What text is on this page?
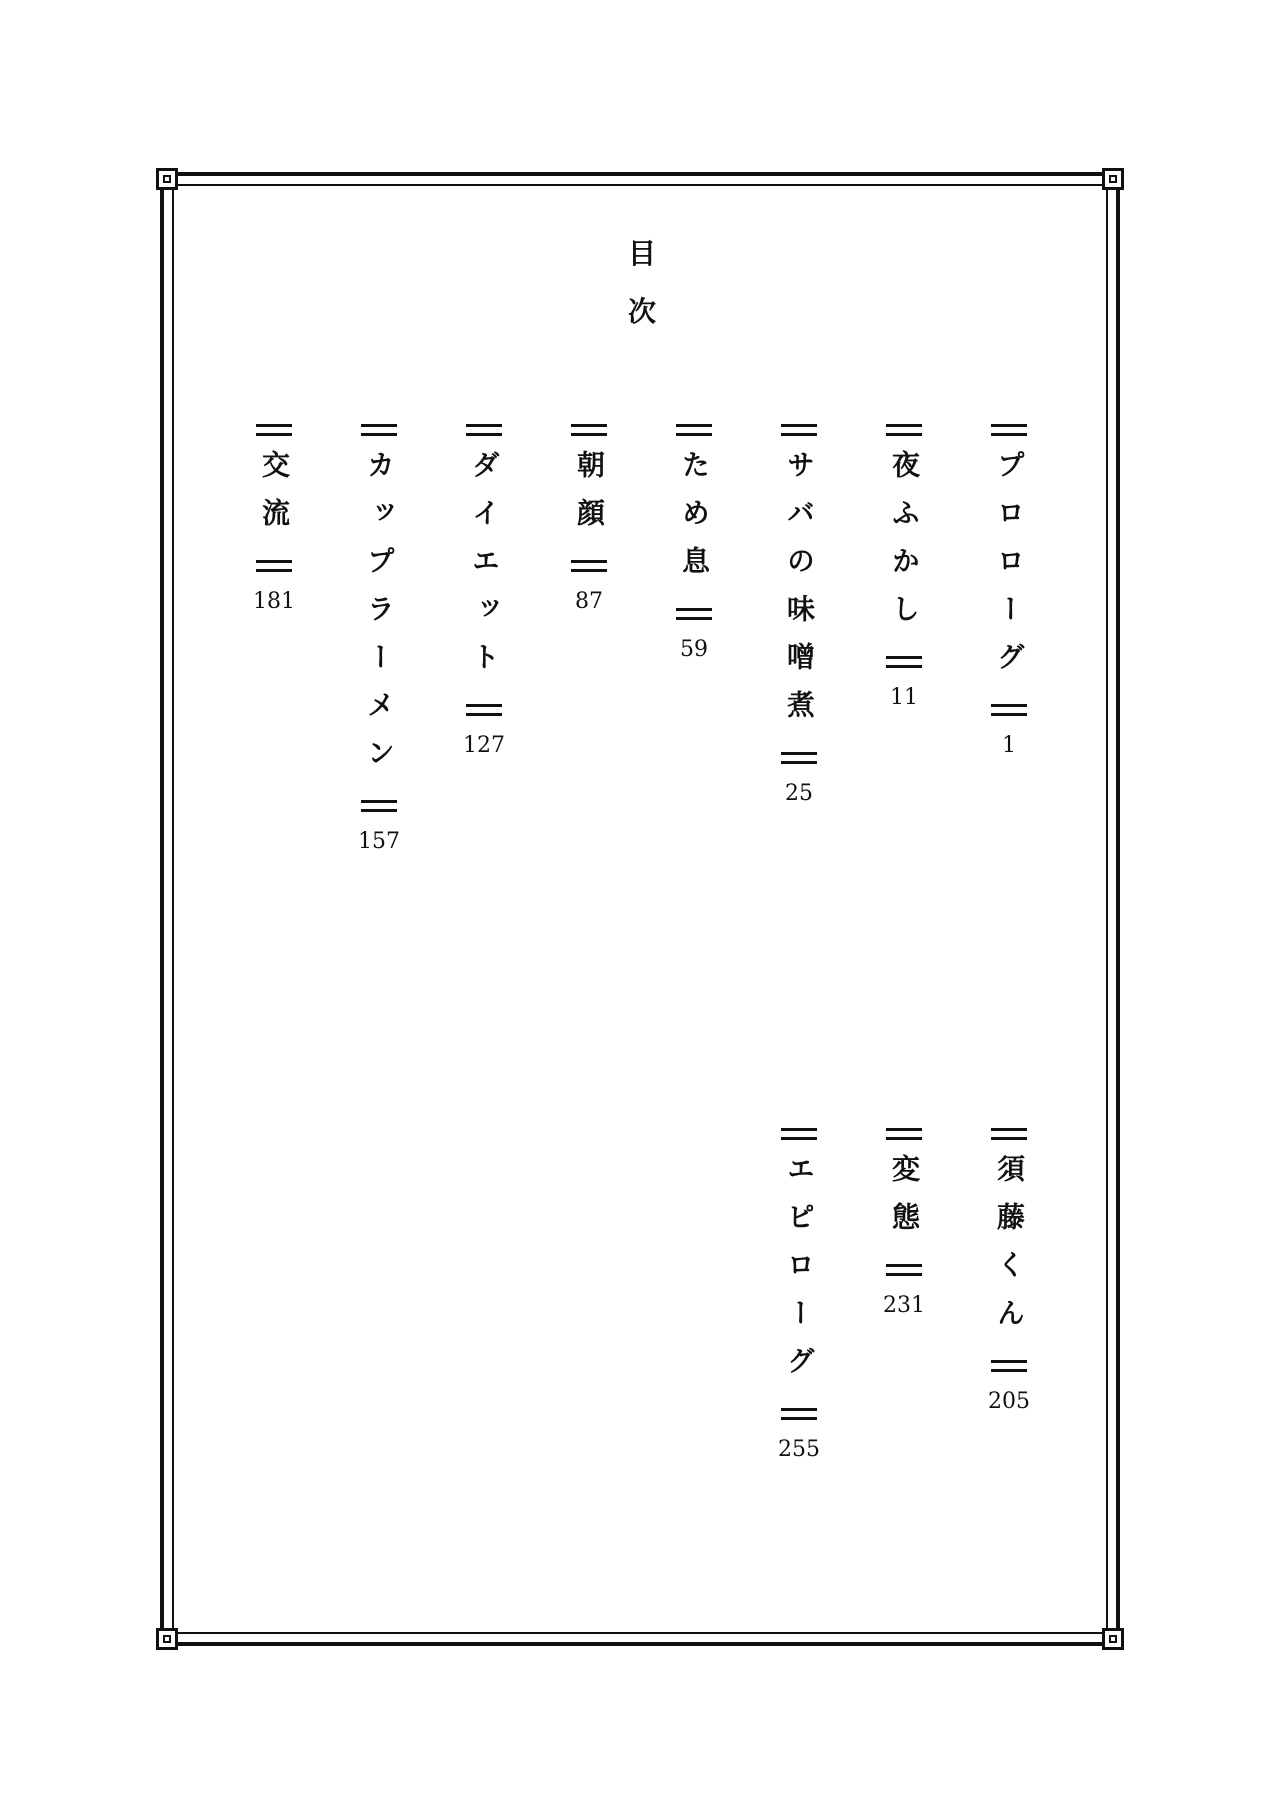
目
次
プロローグ
1
夜ふかし
11
サバの味噌煮
25
ため息
59
朝顔
87
ダイエット
127
カップラーメン
157
交流
181
須藤くん
205
変態
231
エピローグ
255
